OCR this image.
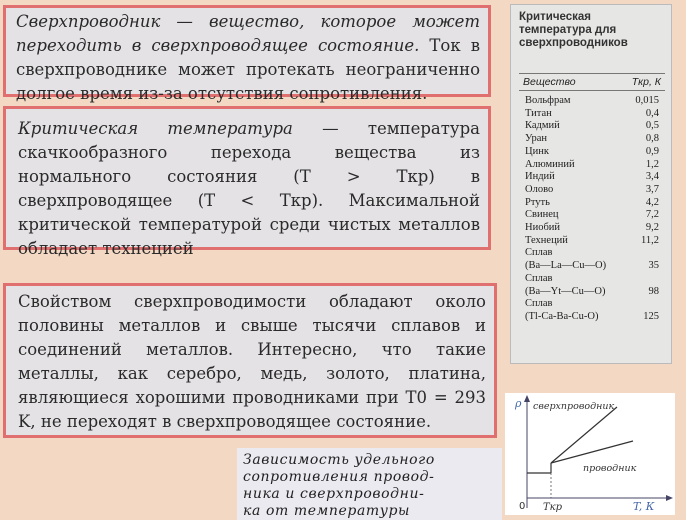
Сверхпроводник — вещество, которое может переходить в сверхпроводящее состояние. Ток в сверхпроводнике может протекать неограниченно долгое время из-за отсутствия сопротивления.

Критическая температура — температура скачкообразного перехода вещества из нормального состояния (T > Tкр) в сверхпроводящее (T < Tкр). Максимальной критической температурой среди чистых металлов обладает технецией

Свойством сверхпроводимости обладают около половины металлов и свыше тысячи сплавов и соединений металлов. Интересно, что такие металлы, как серебро, медь, золото, платина, являющиеся хорошими проводниками при T0 = 293 K, не переходят в сверхпроводящее состояние.

Критическая температура для сверхпроводников
Вещество	Tкр, К
Вольфрам	0,015
Титан	0,4
Кадмий	0,5
Уран	0,8
Цинк	0,9
Алюминий	1,2
Индий	3,4
Олово	3,7
Ртуть	4,2
Свинец	7,2
Ниобий	9,2
Технеций	11,2
Сплав
(Ba—La—Cu—O)	35
Сплав
(Ba—Yt—Cu—O)	98
Сплав
(Tl-Ca-Ba-Cu-O)	125
сверхпроводник
проводник
0 Tкр	T, К
ρ
Зависимость удельного
сопротивления провод-
ника и сверхпроводни-
ка от температуры
